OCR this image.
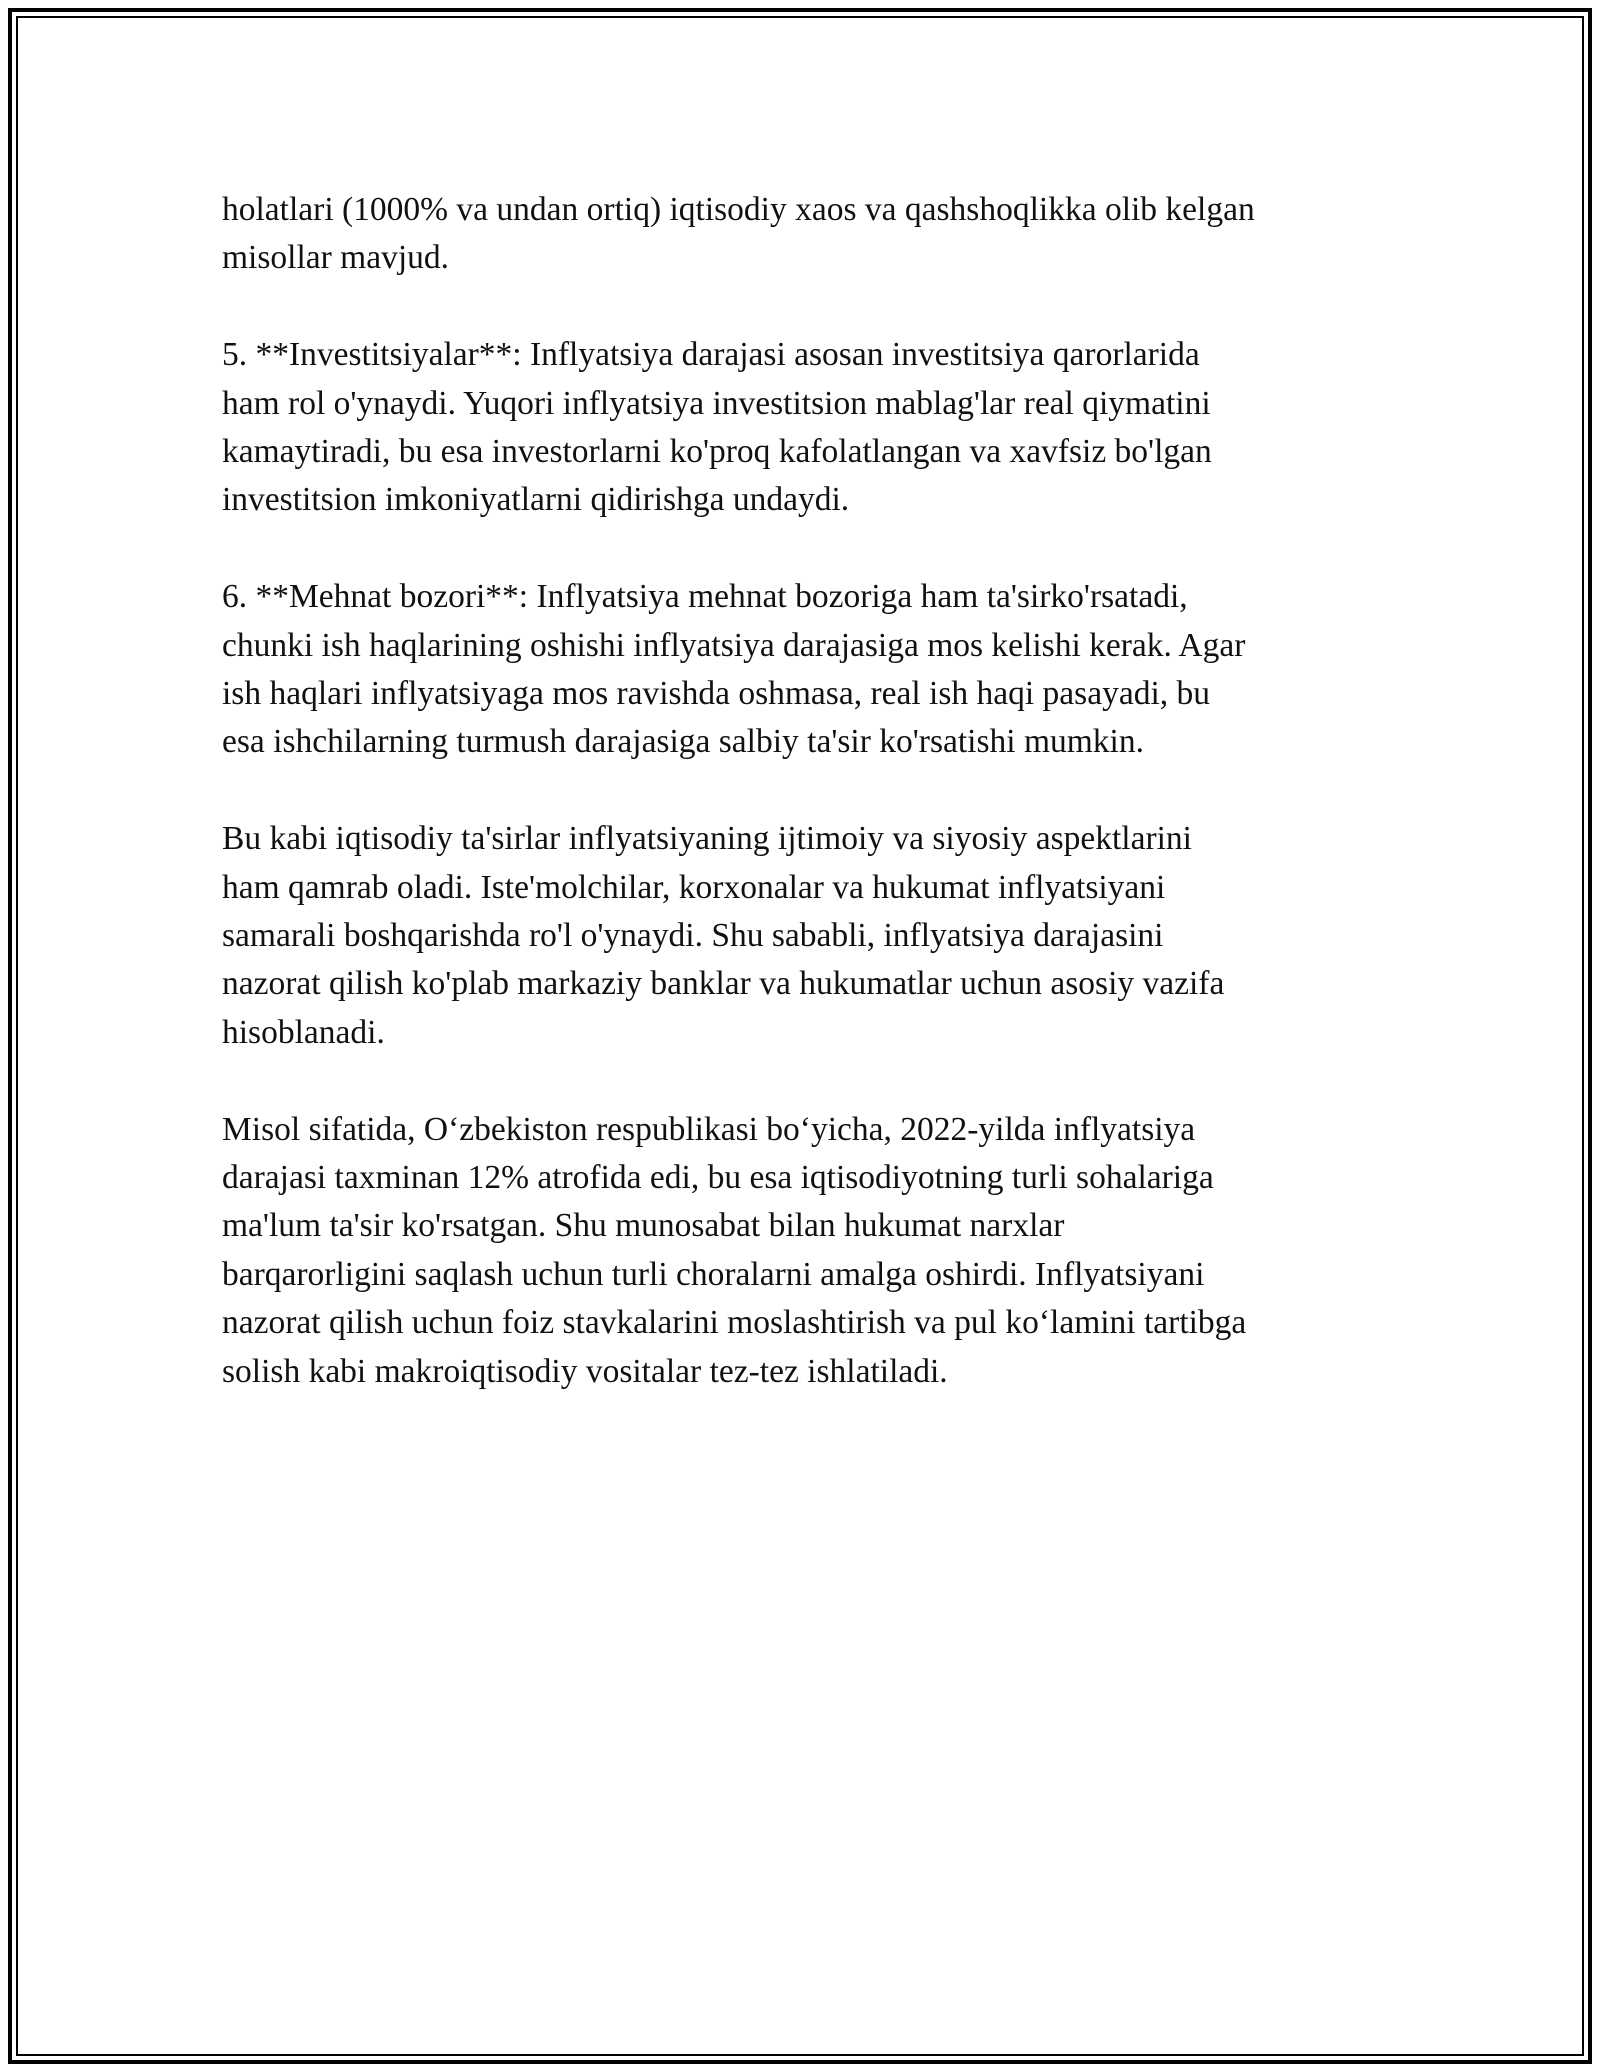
holatlari (1000% va undan ortiq) iqtisodiy xaos va qashshoqlikka olib kelgan
misollar mavjud.

5. **Investitsiyalar**: Inflyatsiya darajasi asosan investitsiya qarorlarida
ham rol o'ynaydi. Yuqori inflyatsiya investitsion mablag'lar real qiymatini
kamaytiradi, bu esa investorlarni ko'proq kafolatlangan va xavfsiz bo'lgan
investitsion imkoniyatlarni qidirishga undaydi.

6. **Mehnat bozori**: Inflyatsiya mehnat bozoriga ham ta'sirko'rsatadi,
chunki ish haqlarining oshishi inflyatsiya darajasiga mos kelishi kerak. Agar
ish haqlari inflyatsiyaga mos ravishda oshmasa, real ish haqi pasayadi, bu
esa ishchilarning turmush darajasiga salbiy ta'sir ko'rsatishi mumkin.

Bu kabi iqtisodiy ta'sirlar inflyatsiyaning ijtimoiy va siyosiy aspektlarini
ham qamrab oladi. Iste'molchilar, korxonalar va hukumat inflyatsiyani
samarali boshqarishda ro'l o'ynaydi. Shu sababli, inflyatsiya darajasini
nazorat qilish ko'plab markaziy banklar va hukumatlar uchun asosiy vazifa
hisoblanadi.

Misol sifatida, O‘zbekiston respublikasi bo‘yicha, 2022-yilda inflyatsiya
darajasi taxminan 12% atrofida edi, bu esa iqtisodiyotning turli sohalariga
ma'lum ta'sir ko'rsatgan. Shu munosabat bilan hukumat narxlar
barqarorligini saqlash uchun turli choralarni amalga oshirdi. Inflyatsiyani
nazorat qilish uchun foiz stavkalarini moslashtirish va pul ko‘lamini tartibga
solish kabi makroiqtisodiy vositalar tez-tez ishlatiladi.
